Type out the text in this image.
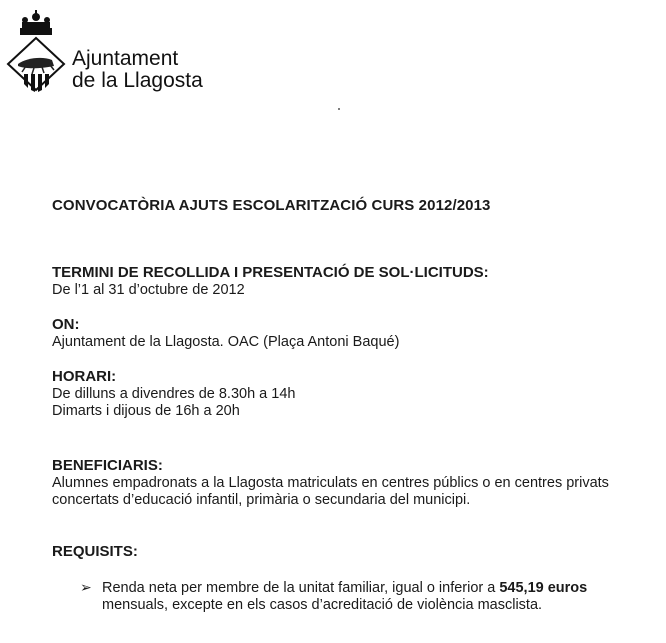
Ajuntament
de la Llagosta
CONVOCATÒRIA AJUTS ESCOLARITZACIÓ CURS 2012/2013

TERMINI DE RECOLLIDA I PRESENTACIÓ DE SOL·LICITUDS:

De l’1 al 31 d’octubre de 2012

ON:

Ajuntament de la Llagosta. OAC (Plaça Antoni Baqué)

HORARI:

De dilluns a divendres de 8.30h a 14h

Dimarts i dijous de 16h a 20h

BENEFICIARIS:

Alumnes empadronats a la Llagosta matriculats en centres públics o en centres privats

concertats d’educació infantil, primària o secundaria del municipi.

REQUISITS:

➢ Renda neta per membre de la unitat familiar, igual o inferior a 545,19 euros
mensuals, excepte en els casos d’acreditació de violència masclista.
